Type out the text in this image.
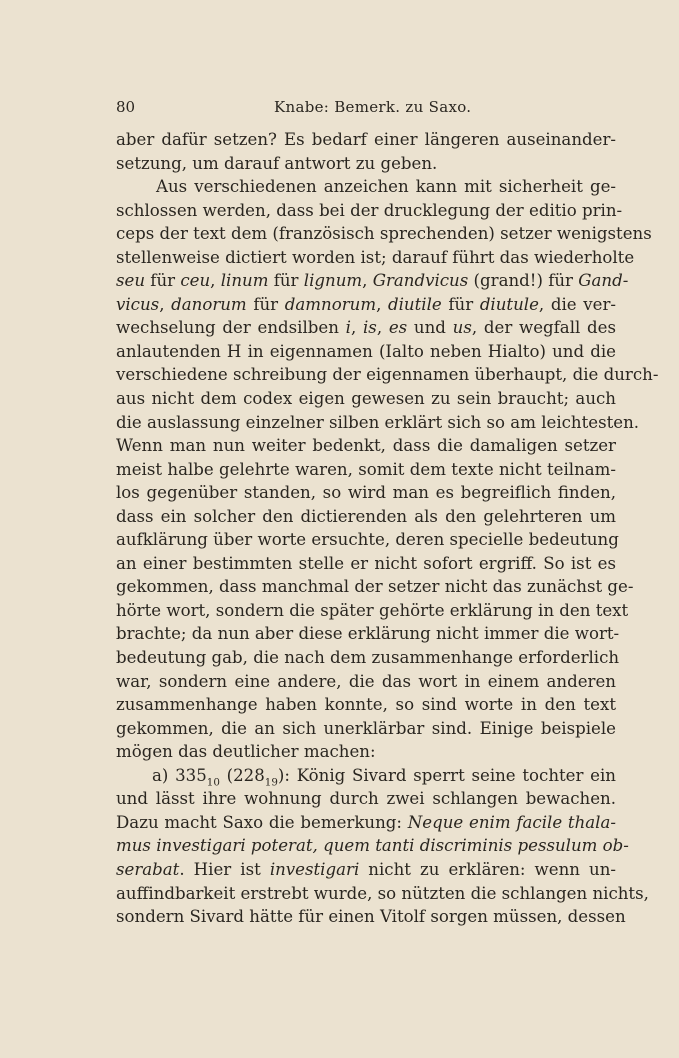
80	Knabe: Bemerk. zu Saxo.
aber dafür setzen? Es bedarf einer längeren auseinander-
setzung, um darauf antwort zu geben.
Aus verschiedenen anzeichen kann mit sicherheit ge-
schlossen werden, dass bei der drucklegung der editio prin-
ceps der text dem (französisch sprechenden) setzer wenigstens
stellenweise dictiert worden ist; darauf führt das wiederholte
seu für ceu, linum für lignum, Grandvicus (grand!) für Gand-
vicus, danorum für damnorum, diutile für diutule, die ver-
wechselung der endsilben i, is, es und us, der wegfall des
anlautenden H in eigennamen (Ialto neben Hialto) und die
verschiedene schreibung der eigennamen überhaupt, die durch-
aus nicht dem codex eigen gewesen zu sein braucht; auch
die auslassung einzelner silben erklärt sich so am leichtesten.
Wenn man nun weiter bedenkt, dass die damaligen setzer
meist halbe gelehrte waren, somit dem texte nicht teilnam-
los gegenüber standen, so wird man es begreiflich finden,
dass ein solcher den dictierenden als den gelehrteren um
aufklärung über worte ersuchte, deren specielle bedeutung
an einer bestimmten stelle er nicht sofort ergriff. So ist es
gekommen, dass manchmal der setzer nicht das zunächst ge-
hörte wort, sondern die später gehörte erklärung in den text
brachte; da nun aber diese erklärung nicht immer die wort-
bedeutung gab, die nach dem zusammenhange erforderlich
war, sondern eine andere, die das wort in einem anderen
zusammenhange haben konnte, so sind worte in den text
gekommen, die an sich unerklärbar sind. Einige beispiele
mögen das deutlicher machen:
a) $335_{10}$ $(228_{19})$: König Sivard sperrt seine tochter ein
und lässt ihre wohnung durch zwei schlangen bewachen.
Dazu macht Saxo die bemerkung: Neque enim facile thala-
mus investigari poterat, quem tanti discriminis pessulum ob-
serabat. Hier ist investigari nicht zu erklären: wenn un-
auffindbarkeit erstrebt wurde, so nützten die schlangen nichts,
sondern Sivard hätte für einen Vitolf sorgen müssen, dessen
